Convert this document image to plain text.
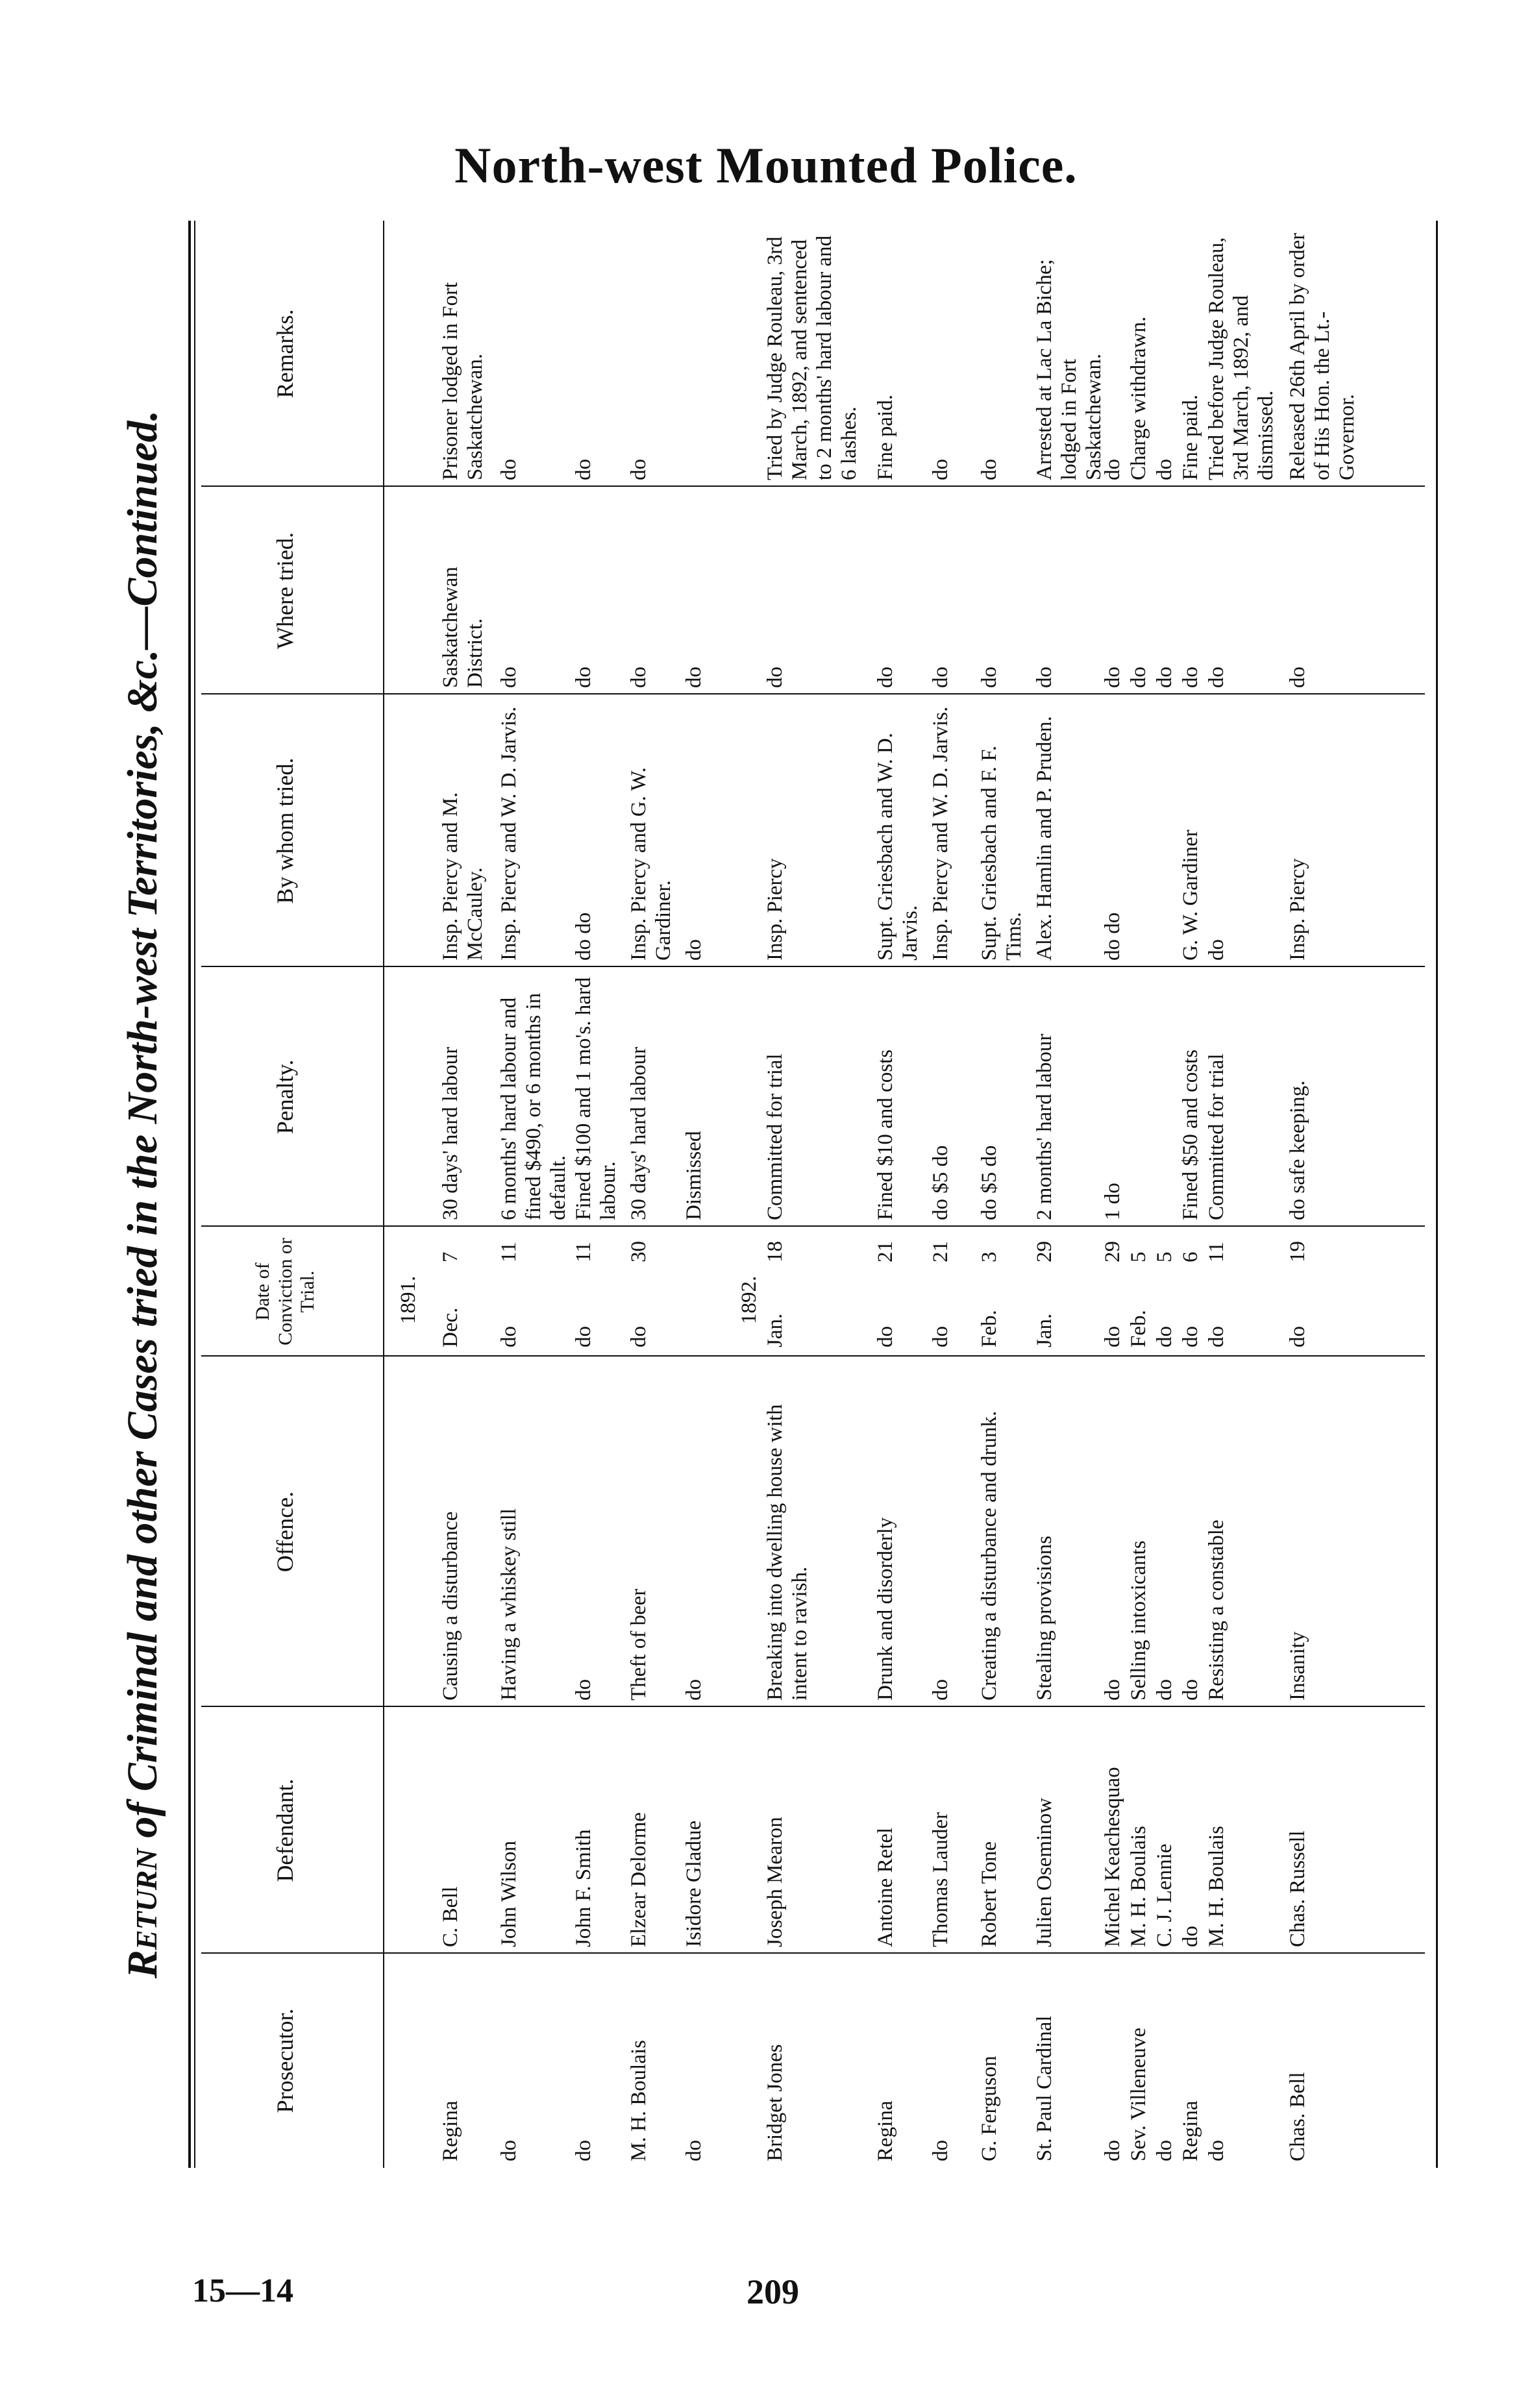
North-west Mounted Police.
Return of Criminal and other Cases tried in the North-west Territories, &c.—Continued.
Prosecutor.
Defendant.
Offence.
Date of Conviction or Trial.
Penalty.
By whom tried.
Where tried.
Remarks.
1891.	1892.
Regina
C. Bell
Causing a disturbance
Dec.
7
30 days' hard labour
Insp. Piercy and M. McCauley.
Saskatchewan District.
Prisoner lodged in Fort Saskatchewan.
do
John Wilson
Having a whiskey still
do
11
6 months' hard labour and fined $490, or 6 months in default.
Insp. Piercy and W. D. Jarvis.
do
do
do
John F. Smith
do
do
11
Fined $100 and 1 mo's. hard labour.
do do
do
do
M. H. Boulais
Elzear Delorme
Theft of beer
do
30
30 days' hard labour
Insp. Piercy and G. W. Gardiner.
do
do
do
Isidore Gladue
do
Dismissed
do
do
Bridget Jones
Joseph Mearon
Breaking into dwelling house with intent to ravish.
Jan.
18
Committed for trial
Insp. Piercy
do
Tried by Judge Rouleau, 3rd March, 1892, and sentenced to 2 months' hard labour and 6 lashes.
Regina
Antoine Retel
Drunk and disorderly
do
21
Fined $10 and costs
Supt. Griesbach and W. D. Jarvis.
do
Fine paid.
do
Thomas Lauder
do
do
21
do $5 do
Insp. Piercy and W. D. Jarvis.
do
do
G. Ferguson
Robert Tone
Creating a disturbance and drunk.
Feb.
3
do $5 do
Supt. Griesbach and F. F. Tims.
do
do
St. Paul Cardinal
Julien Oseminow
Stealing provisions
Jan.
29
2 months' hard labour
Alex. Hamlin and P. Pruden.
do
Arrested at Lac La Biche; lodged in Fort Saskatchewan.
do
Michel Keachesquao
do
do
29
1 do
do do
do
do
Sev. Villeneuve
M. H. Boulais
Selling intoxicants
Feb.
5
do
Charge withdrawn.
do
C. J. Lennie
do
do
5
do
do
Regina
do
do
do
6
Fined $50 and costs
G. W. Gardiner
do
Fine paid.
do
M. H. Boulais
Resisting a constable
do
11
Committed for trial
do
do
Tried before Judge Rouleau, 3rd March, 1892, and dismissed.
Chas. Bell
Chas. Russell
Insanity
do
19
do safe keeping.
Insp. Piercy
do
Released 26th April by order of His Hon. the Lt.-Governor.
15—14	209
